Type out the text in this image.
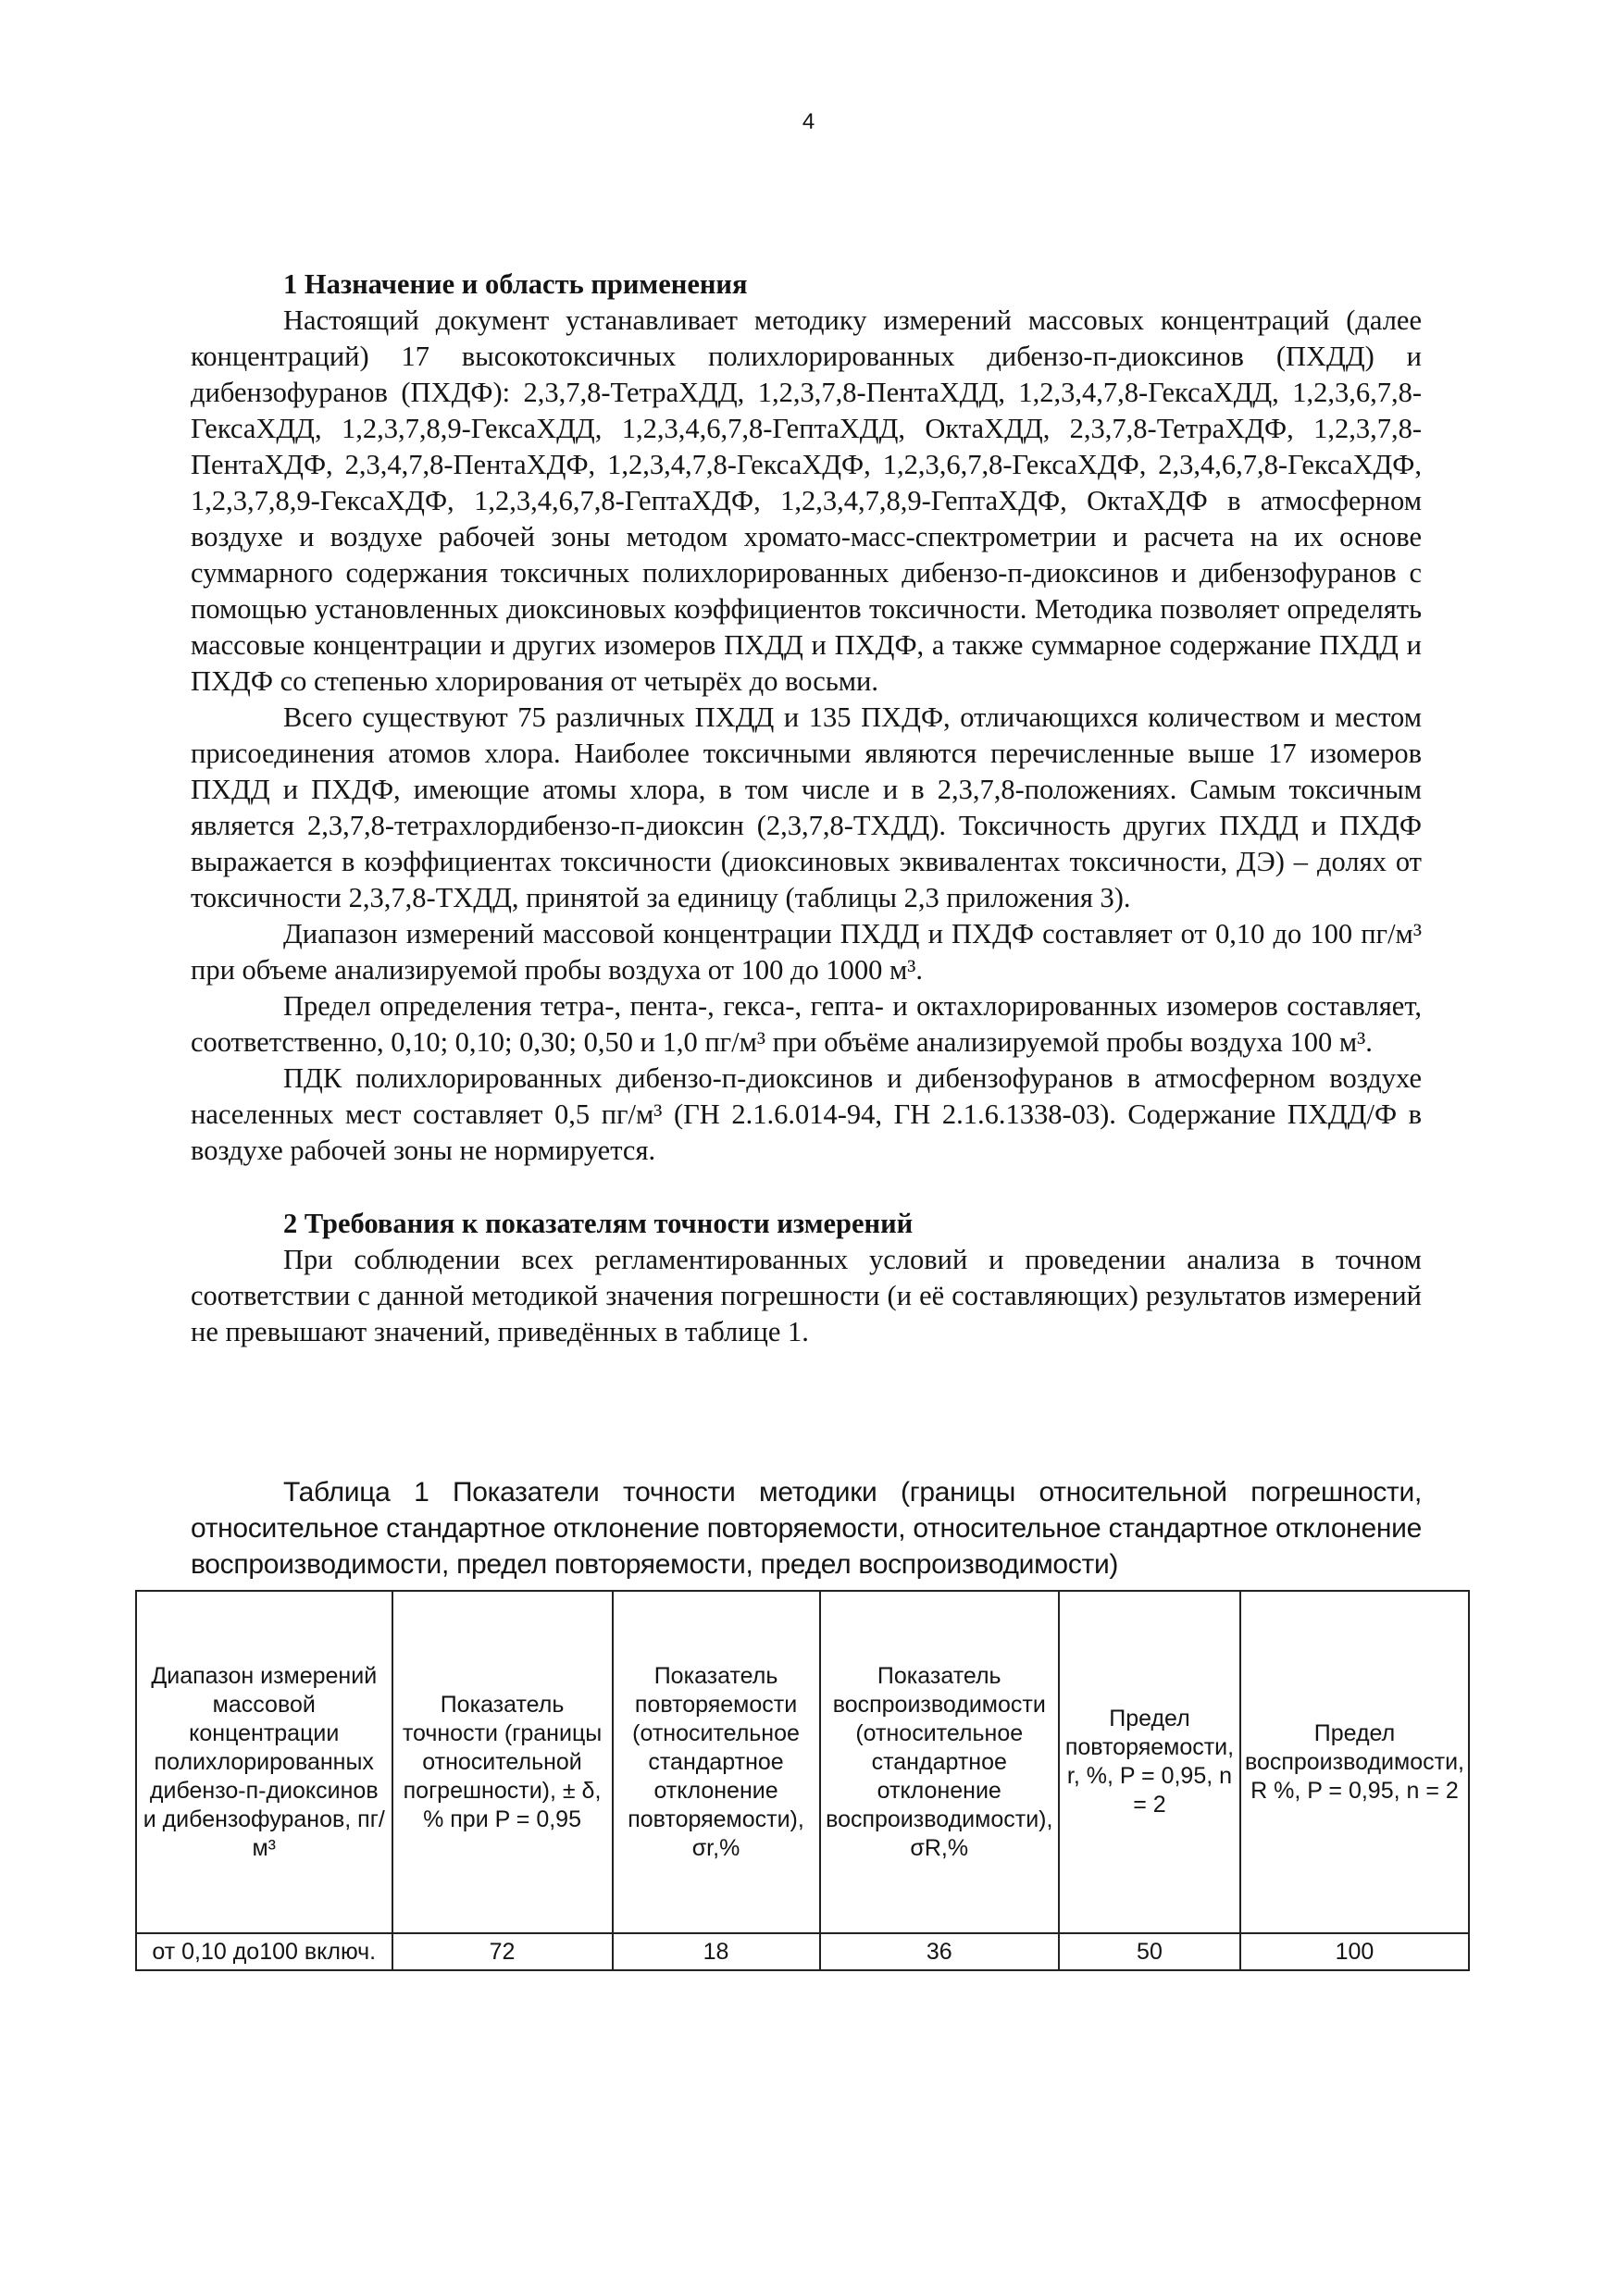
4
1 Назначение и область применения

Настоящий документ устанавливает методику измерений массовых концентраций (далее концентраций) 17 высокотоксичных полихлорированных дибензо-п-диоксинов (ПХДД) и дибензофуранов (ПХДФ): 2,3,7,8-ТетраХДД, 1,2,3,7,8-ПентаХДД, 1,2,3,4,7,8-ГексаХДД, 1,2,3,6,7,8-ГексаХДД, 1,2,3,7,8,9-ГексаХДД, 1,2,3,4,6,7,8-ГептаХДД, ОктаХДД, 2,3,7,8-ТетраХДФ, 1,2,3,7,8-ПентаХДФ, 2,3,4,7,8-ПентаХДФ, 1,2,3,4,7,8-ГексаХДФ, 1,2,3,6,7,8-ГексаХДФ, 2,3,4,6,7,8-ГексаХДФ, 1,2,3,7,8,9-ГексаХДФ, 1,2,3,4,6,7,8-ГептаХДФ, 1,2,3,4,7,8,9-ГептаХДФ, ОктаХДФ в атмосферном воздухе и воздухе рабочей зоны методом хромато-масс-спектрометрии и расчета на их основе суммарного содержания токсичных полихлорированных дибензо-п-диоксинов и дибензофуранов с помощью установленных диоксиновых коэффициентов токсичности. Методика позволяет определять массовые концентрации и других изомеров ПХДД и ПХДФ, а также суммарное содержание ПХДД и ПХДФ со степенью хлорирования от четырёх до восьми.

Всего существуют 75 различных ПХДД и 135 ПХДФ, отличающихся количеством и местом присоединения атомов хлора. Наиболее токсичными являются перечисленные выше 17 изомеров ПХДД и ПХДФ, имеющие атомы хлора, в том числе и в 2,3,7,8-положениях. Самым токсичным является 2,3,7,8-тетрахлордибензо-п-диоксин (2,3,7,8-ТХДД). Токсичность других ПХДД и ПХДФ выражается в коэффициентах токсичности (диоксиновых эквивалентах токсичности, ДЭ) – долях от токсичности 2,3,7,8-ТХДД, принятой за единицу (таблицы 2,3 приложения 3).

Диапазон измерений массовой концентрации ПХДД и ПХДФ составляет от 0,10 до 100 пг/м³ при объеме анализируемой пробы воздуха от 100 до 1000 м³.

Предел определения тетра-, пента-, гекса-, гепта- и октахлорированных изомеров составляет, соответственно, 0,10; 0,10; 0,30; 0,50 и 1,0 пг/м³ при объёме анализируемой пробы воздуха 100 м³.

ПДК полихлорированных дибензо-п-диоксинов и дибензофуранов в атмосферном воздухе населенных мест составляет 0,5 пг/м³ (ГН 2.1.6.014-94, ГН 2.1.6.1338-03). Содержание ПХДД/Ф в воздухе рабочей зоны не нормируется.

2 Требования к показателям точности измерений

При соблюдении всех регламентированных условий и проведении анализа в точном соответствии с данной методикой значения погрешности (и её составляющих) результатов измерений не превышают значений, приведённых в таблице 1.

Таблица 1 Показатели точности методики (границы относительной погрешности, относительное стандартное отклонение повторяемости, относительное стандартное отклонение воспроизводимости, предел повторяемости, предел воспроизводимости)

Диапазон измерений массовой концентрации полихлорированных дибензо-п-диоксинов и дибензофуранов, пг/м³	Показатель точности (границы относительной погрешности), ± δ, % при P = 0,95	Показатель повторяемости (относительное стандартное отклонение повторяемости), σr,%	Показатель воспроизводимости (относительное стандартное отклонение воспроизводимости), σR,%	Предел повторяемости, r, %, P = 0,95, n = 2	Предел воспроизводимости, R %, P = 0,95, n = 2
от 0,10 до100 включ.	72	18	36	50	100
